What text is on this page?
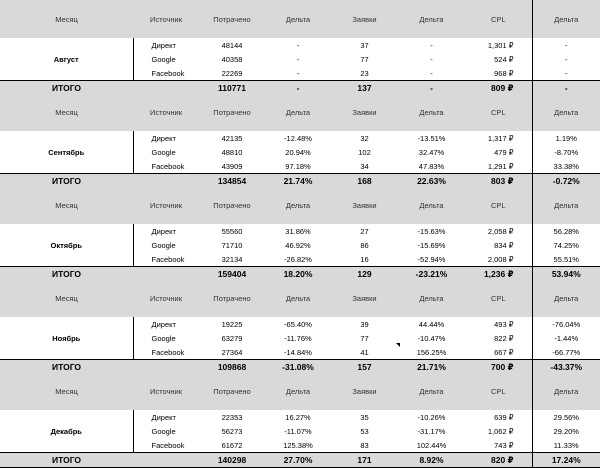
Месяц	Источник	Потрачено	Дельта	Заявки	Дельта	CPL	Дельта
Август	Директ	48144	-	37	-	1,301 ₽	-
	Google	40358	-	77	-	524 ₽	-
	Facebook	22269	-	23	-	968 ₽	-
ИТОГО		110771	-	137	-	809 ₽	-
Месяц	Источник	Потрачено	Дельта	Заявки	Дельта	CPL	Дельта
Сентябрь	Директ	42135	-12.48%	32	-13.51%	1,317 ₽	1.19%
	Google	48810	20.94%	102	32.47%	479 ₽	-8.70%
	Facebook	43909	97.18%	34	47.83%	1,291 ₽	33.38%
ИТОГО		134854	21.74%	168	22.63%	803 ₽	-0.72%
Месяц	Источник	Потрачено	Дельта	Заявки	Дельта	CPL	Дельта
Октябрь	Директ	55560	31.86%	27	-15.63%	2,058 ₽	56.28%
	Google	71710	46.92%	86	-15.69%	834 ₽	74.25%
	Facebook	32134	-26.82%	16	-52.94%	2,008 ₽	55.51%
ИТОГО		159404	18.20%	129	-23.21%	1,236 ₽	53.94%
Месяц	Источник	Потрачено	Дельта	Заявки	Дельта	CPL	Дельта
Ноябрь	Директ	19225	-65.40%	39	44.44%	493 ₽	-76.04%
	Google	63279	-11.76%	77	-10.47%	822 ₽	-1.44%
	Facebook	27364	-14.84%	41	156.25%	667 ₽	-66.77%
ИТОГО		109868	-31.08%	157	21.71%	700 ₽	-43.37%
Месяц	Источник	Потрачено	Дельта	Заявки	Дельта	CPL	Дельта
Декабрь	Директ	22353	16.27%	35	-10.26%	639 ₽	29.56%
	Google	56273	-11.07%	53	-31.17%	1,062 ₽	29.20%
	Facebook	61672	125.38%	83	102.44%	743 ₽	11.33%
ИТОГО		140298	27.70%	171	8.92%	820 ₽	17.24%
